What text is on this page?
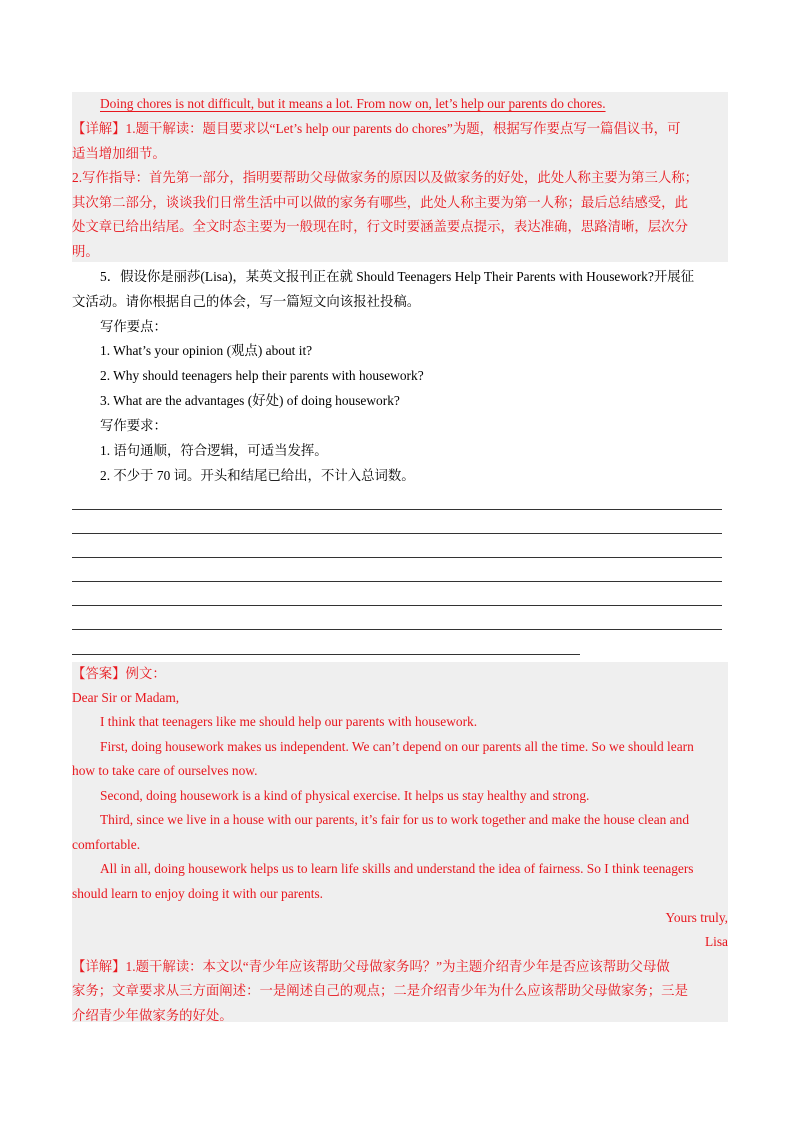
Doing chores is not difficult, but it means a lot. From now on, let’s help our parents do chores.
【详解】1.题干解读：题目要求以“Let’s help our parents do chores”为题，根据写作要点写一篇倡议书，可
适当增加细节。
2.写作指导：首先第一部分，指明要帮助父母做家务的原因以及做家务的好处，此处人称主要为第三人称；
其次第二部分，谈谈我们日常生活中可以做的家务有哪些，此处人称主要为第一人称；最后总结感受，此
处文章已给出结尾。全文时态主要为一般现在时，行文时要涵盖要点提示，表达准确，思路清晰，层次分
明。
5．假设你是丽莎(Lisa)，某英文报刊正在就 Should Teenagers Help Their Parents with Housework?开展征
文活动。请你根据自己的体会，写一篇短文向该报社投稿。
写作要点：
1. What’s your opinion (观点) about it?
2. Why should teenagers help their parents with housework?
3. What are the advantages (好处) of doing housework?
写作要求：
1. 语句通顺，符合逻辑，可适当发挥。
2. 不少于 70 词。开头和结尾已给出，不计入总词数。
【答案】例文：
Dear Sir or Madam,
I think that teenagers like me should help our parents with housework.
First, doing housework makes us independent. We can’t depend on our parents all the time. So we should learn
how to take care of ourselves now.
Second, doing housework is a kind of physical exercise. It helps us stay healthy and strong.
Third, since we live in a house with our parents, it’s fair for us to work together and make the house clean and
comfortable.
All in all, doing housework helps us to learn life skills and understand the idea of fairness. So I think teenagers
should learn to enjoy doing it with our parents.
Yours truly,
Lisa
【详解】1.题干解读：本文以“青少年应该帮助父母做家务吗？”为主题介绍青少年是否应该帮助父母做
家务；文章要求从三方面阐述：一是阐述自己的观点；二是介绍青少年为什么应该帮助父母做家务；三是
介绍青少年做家务的好处。
